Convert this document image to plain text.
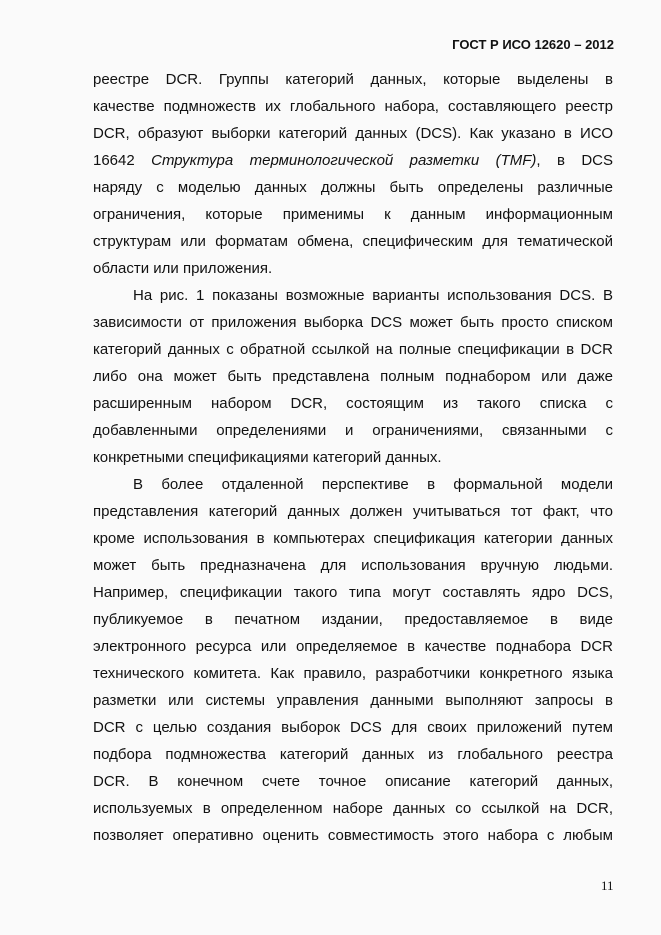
ГОСТ Р ИСО 12620 – 2012
реестре DCR. Группы категорий данных, которые выделены в
качестве подмножеств их глобального набора, составляющего реестр
DCR, образуют выборки категорий данных (DCS). Как указано в ИСО
16642 Структура терминологической разметки (TMF), в DCS
наряду с моделью данных должны быть определены различные
ограничения, которые применимы к данным информационным
структурам или форматам обмена, специфическим для тематической
области или приложения.
На рис. 1 показаны возможные варианты использования DCS. В
зависимости от приложения выборка DCS может быть просто списком
категорий данных с обратной ссылкой на полные спецификации в DCR
либо она может быть представлена полным поднабором или даже
расширенным набором DCR, состоящим из такого списка с
добавленными определениями и ограничениями, связанными с
конкретными спецификациями категорий данных.
В более отдаленной перспективе в формальной модели
представления категорий данных должен учитываться тот факт, что
кроме использования в компьютерах спецификация категории данных
может быть предназначена для использования вручную людьми.
Например, спецификации такого типа могут составлять ядро DCS,
публикуемое в печатном издании, предоставляемое в виде
электронного ресурса или определяемое в качестве поднабора DCR
технического комитета. Как правило, разработчики конкретного языка
разметки или системы управления данными выполняют запросы в
DCR с целью создания выборок DCS для своих приложений путем
подбора подмножества категорий данных из глобального реестра
DCR. В конечном счете точное описание категорий данных,
используемых в определенном наборе данных со ссылкой на DCR,
позволяет оперативно оценить совместимость этого набора с любым
11
